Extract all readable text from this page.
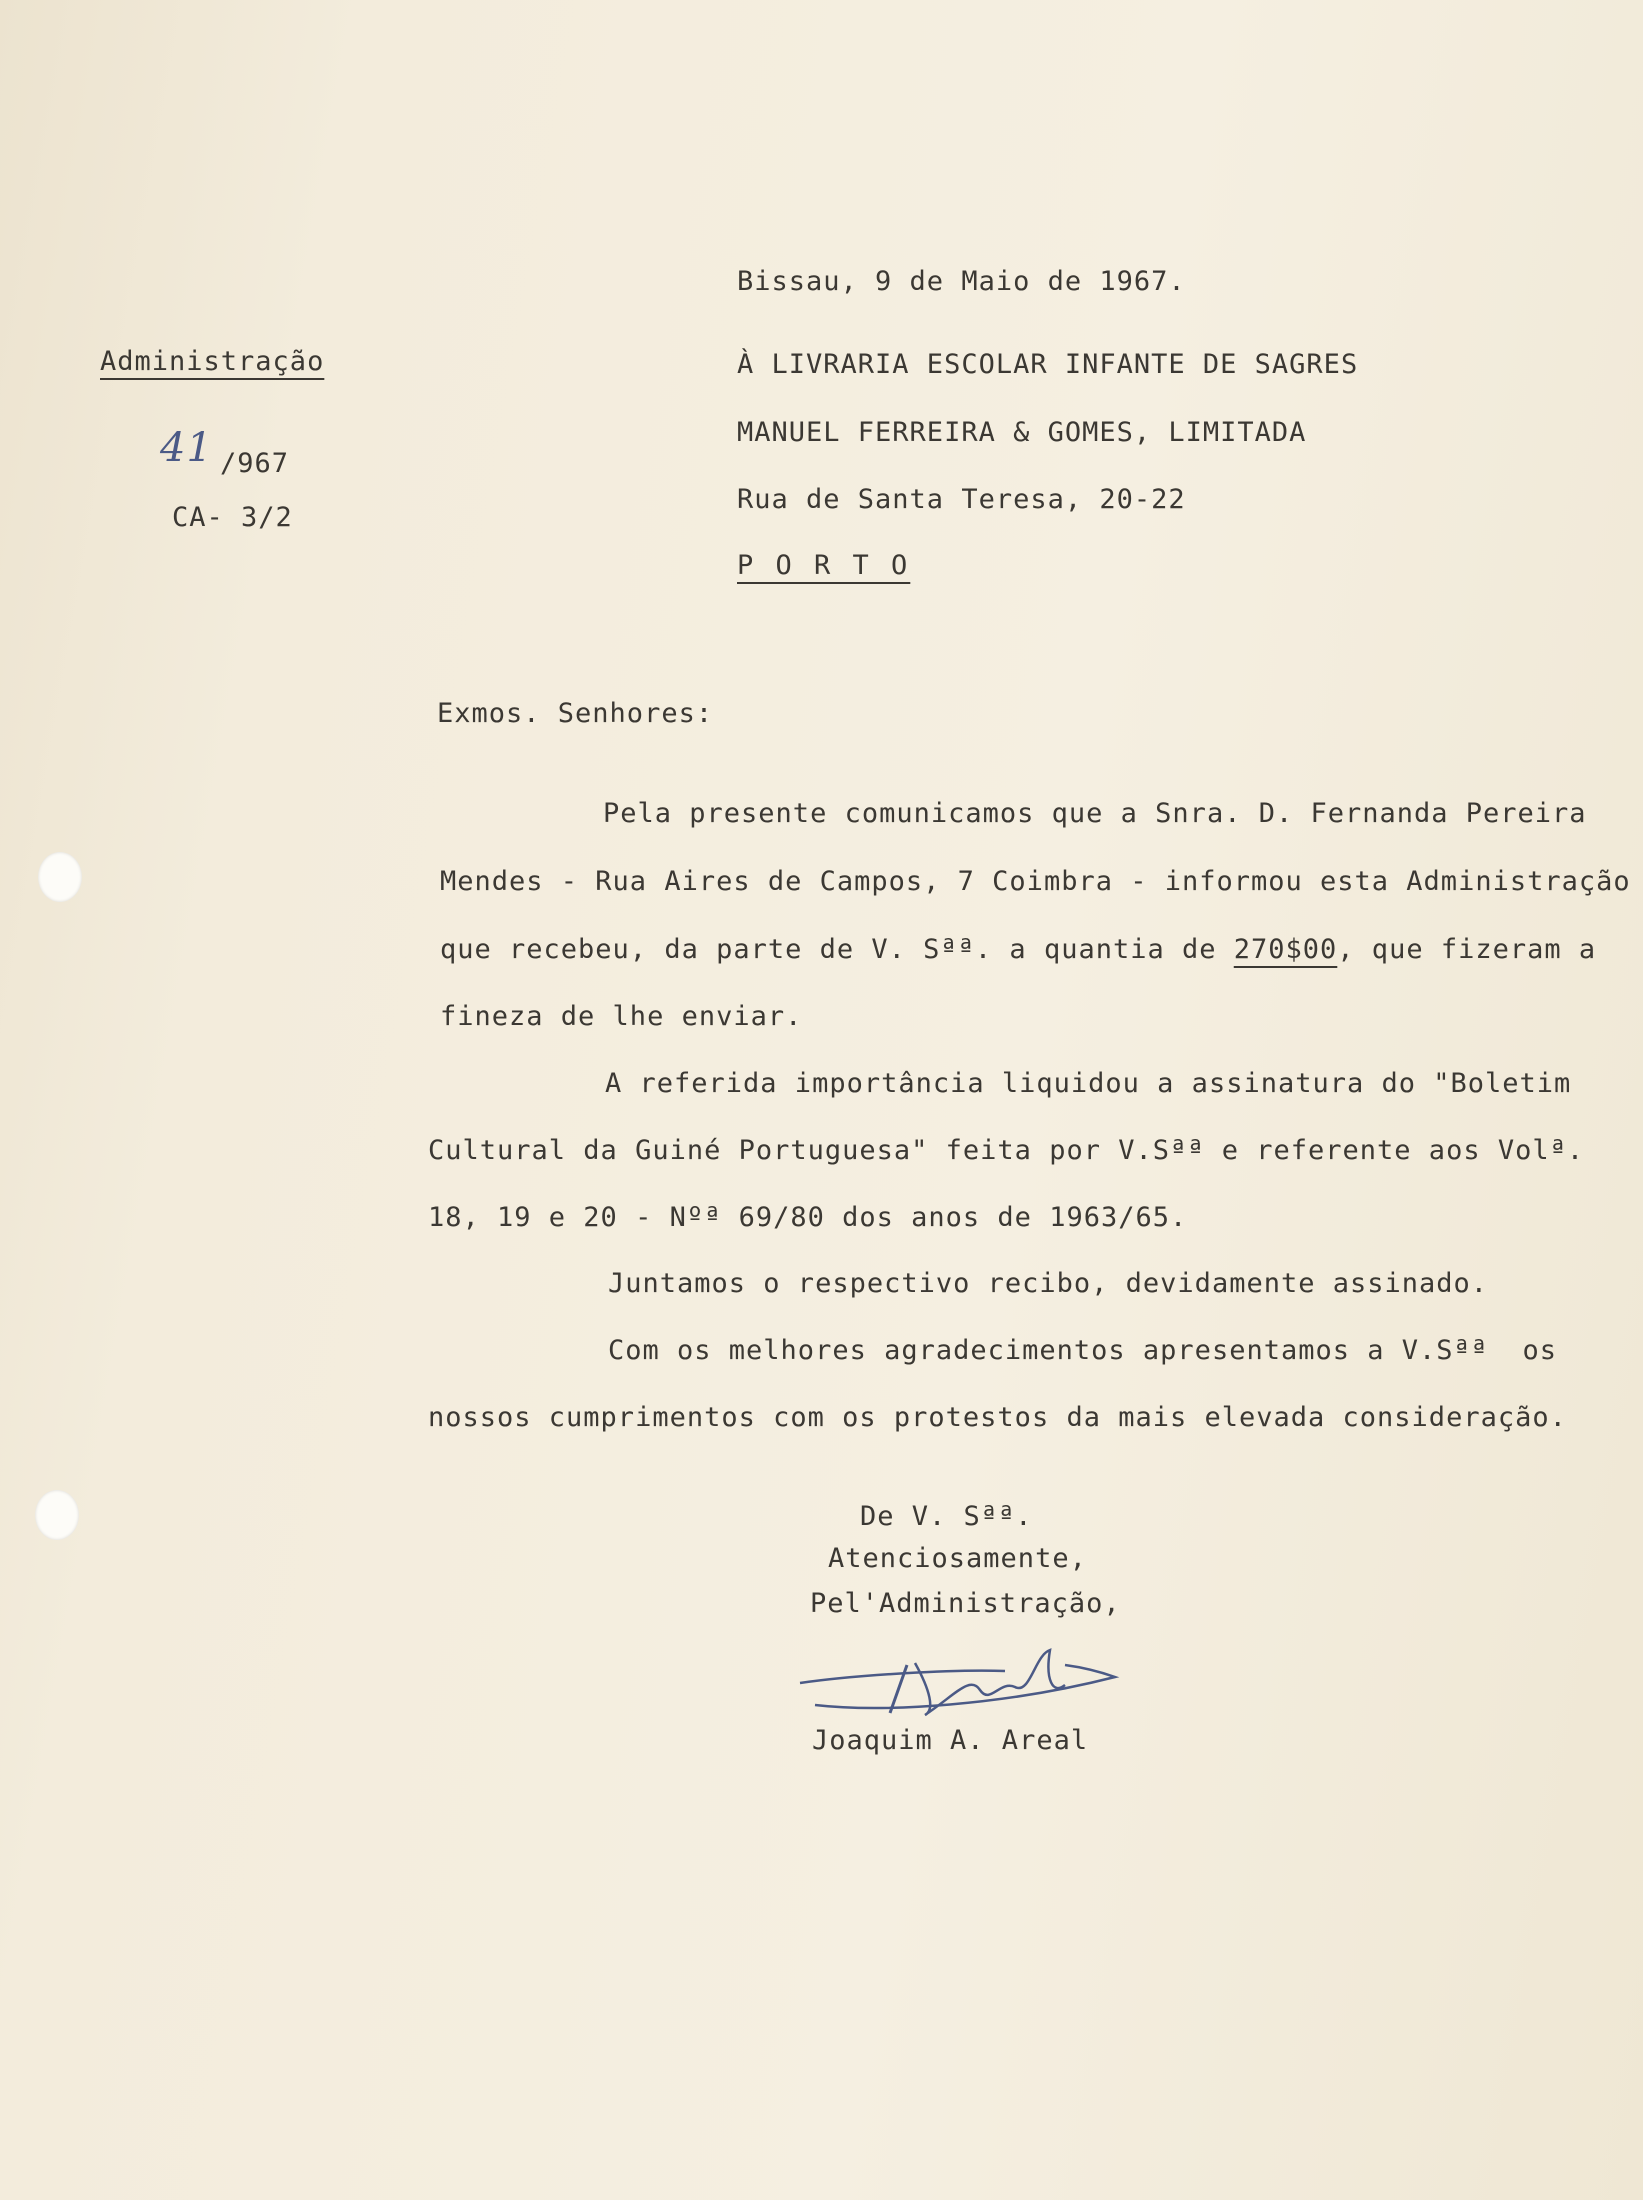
Administração
41 /967
CA- 3/2
Bissau, 9 de Maio de 1967.
À LIVRARIA ESCOLAR INFANTE DE SAGRES
MANUEL FERREIRA & GOMES, LIMITADA
Rua de Santa Teresa, 20-22
P O R T O
Exmos. Senhores:
Pela presente comunicamos que a Snra. D. Fernanda Pereira
Mendes - Rua Aires de Campos, 7 Coimbra - informou esta Administração
que recebeu, da parte de V. Sªª. a quantia de 270$00, que fizeram a
fineza de lhe enviar.
A referida importância liquidou a assinatura do "Boletim
Cultural da Guiné Portuguesa" feita por V.Sªª e referente aos Volª.
18, 19 e 20 - Nºª 69/80 dos anos de 1963/65.
Juntamos o respectivo recibo, devidamente assinado.
Com os melhores agradecimentos apresentamos a V.Sªª  os
nossos cumprimentos com os protestos da mais elevada consideração.
De V. Sªª.
Atenciosamente,
Pel'Administração,
Joaquim A. Areal
